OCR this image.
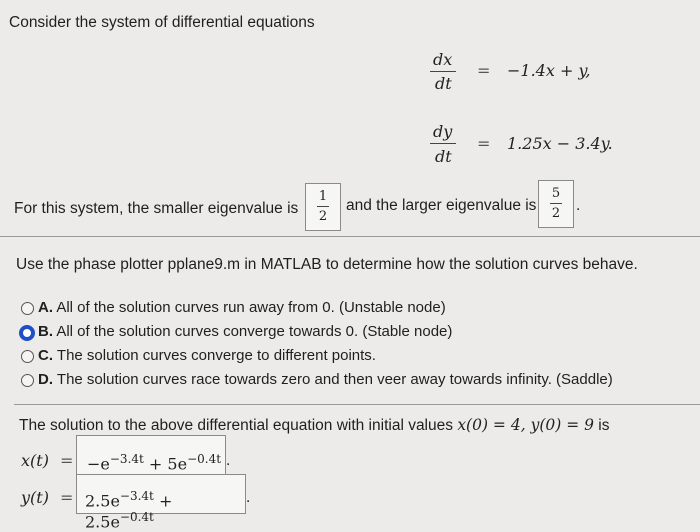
Consider the system of differential equations
dx
dt
= −1.4x + y,
dy
dt
= 1.25x − 3.4y.
For this system, the smaller eigenvalue is
1
2
and the larger eigenvalue is
5
2	.
Use the phase plotter pplane9.m in MATLAB to determine how the solution curves behave.
A. All of the solution curves run away from 0. (Unstable node)
B. All of the solution curves converge towards 0. (Stable node)
C. The solution curves converge to different points.
D. The solution curves race towards zero and then veer away towards infinity. (Saddle)
The solution to the above differential equation with initial values x(0) = 4, y(0) = 9 is
$x(t) = -e^{-3.4t} + 5e^{-0.4t}$ .
$y(t) = 2.5e^{-3.4t} + 2.5e^{-0.4t}$
.
